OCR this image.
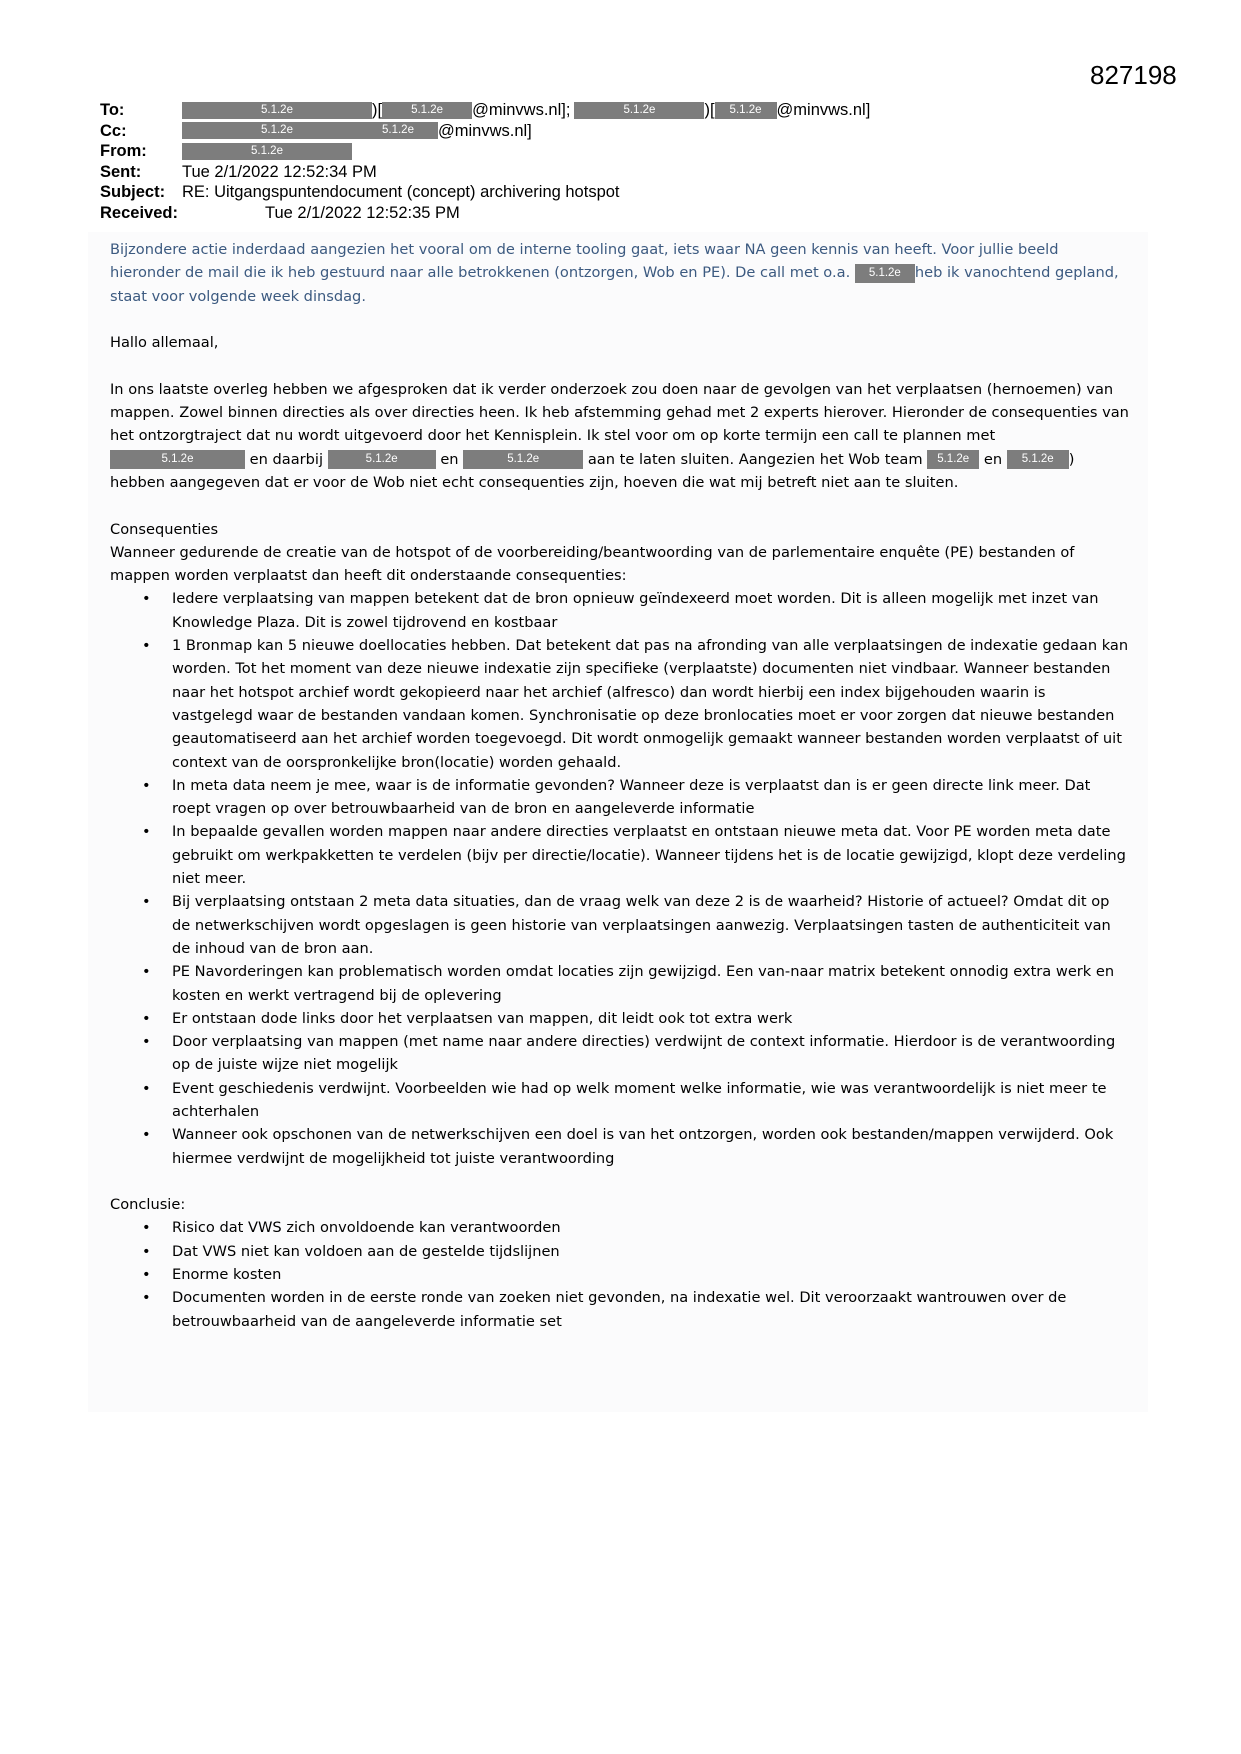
827198
To:	5.1.2e	)[	5.1.2e	@minvws.nl];	5.1.2e	)[	5.1.2e @minvws.nl]
Cc:	5.1.2e	5.1.2e	@minvws.nl]
From:	5.1.2e
Sent:	Tue 2/1/2022 12:52:34 PM
Subject:	RE: Uitgangspuntendocument (concept) archivering hotspot
Received:	Tue 2/1/2022 12:52:35 PM

Bijzondere actie inderdaad aangezien het vooral om de interne tooling gaat, iets waar NA geen kennis van heeft. Voor jullie beeld hieronder de mail die ik heb gestuurd naar alle betrokkenen (ontzorgen, Wob en PE). De call met o.a. 5.1.2e heb ik vanochtend gepland, staat voor volgende week dinsdag.

Hallo allemaal,

In ons laatste overleg hebben we afgesproken dat ik verder onderzoek zou doen naar de gevolgen van het verplaatsen (hernoemen) van mappen. Zowel binnen directies als over directies heen. Ik heb afstemming gehad met 2 experts hierover. Hieronder de consequenties van het ontzorgtraject dat nu wordt uitgevoerd door het Kennisplein. Ik stel voor om op korte termijn een call te plannen met5.1.2e	en daarbij	5.1.2e	en	5.1.2e	aan te laten sluiten. Aangezien het Wob team 5.1.2e en 5.1.2e ) hebben aangegeven dat er voor de Wob niet echt consequenties zijn, hoeven die wat mij betreft niet aan te sluiten.

Consequenties

Wanneer gedurende de creatie van de hotspot of de voorbereiding/beantwoording van de parlementaire enquête (PE) bestanden of mappen worden verplaatst dan heeft dit onderstaande consequenties:

• Iedere verplaatsing van mappen betekent dat de bron opnieuw geïndexeerd moet worden. Dit is alleen mogelijk met inzet van Knowledge Plaza. Dit is zowel tijdrovend en kostbaar
• 1 Bronmap kan 5 nieuwe doellocaties hebben. Dat betekent dat pas na afronding van alle verplaatsingen de indexatie gedaan kan worden. Tot het moment van deze nieuwe indexatie zijn specifieke (verplaatste) documenten niet vindbaar. Wanneer bestanden naar het hotspot archief wordt gekopieerd naar het archief (alfresco) dan wordt hierbij een index bijgehouden waarin is vastgelegd waar de bestanden vandaan komen. Synchronisatie op deze bronlocaties moet er voor zorgen dat nieuwe bestanden geautomatiseerd aan het archief worden toegevoegd. Dit wordt onmogelijk gemaakt wanneer bestanden worden verplaatst of uit context van de oorspronkelijke bron(locatie) worden gehaald.
• In meta data neem je mee, waar is de informatie gevonden? Wanneer deze is verplaatst dan is er geen directe link meer. Dat roept vragen op over betrouwbaarheid van de bron en aangeleverde informatie
• In bepaalde gevallen worden mappen naar andere directies verplaatst en ontstaan nieuwe meta dat. Voor PE worden meta date gebruikt om werkpakketten te verdelen (bijv per directie/locatie). Wanneer tijdens het is de locatie gewijzigd, klopt deze verdeling niet meer.
• Bij verplaatsing ontstaan 2 meta data situaties, dan de vraag welk van deze 2 is de waarheid? Historie of actueel? Omdat dit op de netwerkschijven wordt opgeslagen is geen historie van verplaatsingen aanwezig. Verplaatsingen tasten de authenticiteit van de inhoud van de bron aan.
• PE Navorderingen kan problematisch worden omdat locaties zijn gewijzigd. Een van-naar matrix betekent onnodig extra werk en kosten en werkt vertragend bij de oplevering
• Er ontstaan dode links door het verplaatsen van mappen, dit leidt ook tot extra werk
• Door verplaatsing van mappen (met name naar andere directies) verdwijnt de context informatie. Hierdoor is de verantwoording op de juiste wijze niet mogelijk
• Event geschiedenis verdwijnt. Voorbeelden wie had op welk moment welke informatie, wie was verantwoordelijk is niet meer te achterhalen
• Wanneer ook opschonen van de netwerkschijven een doel is van het ontzorgen, worden ook bestanden/mappen verwijderd. Ook hiermee verdwijnt de mogelijkheid tot juiste verantwoording

Conclusie:

• Risico dat VWS zich onvoldoende kan verantwoorden
• Dat VWS niet kan voldoen aan de gestelde tijdslijnen
• Enorme kosten
• Documenten worden in de eerste ronde van zoeken niet gevonden, na indexatie wel. Dit veroorzaakt wantrouwen over de betrouwbaarheid van de aangeleverde informatie set
